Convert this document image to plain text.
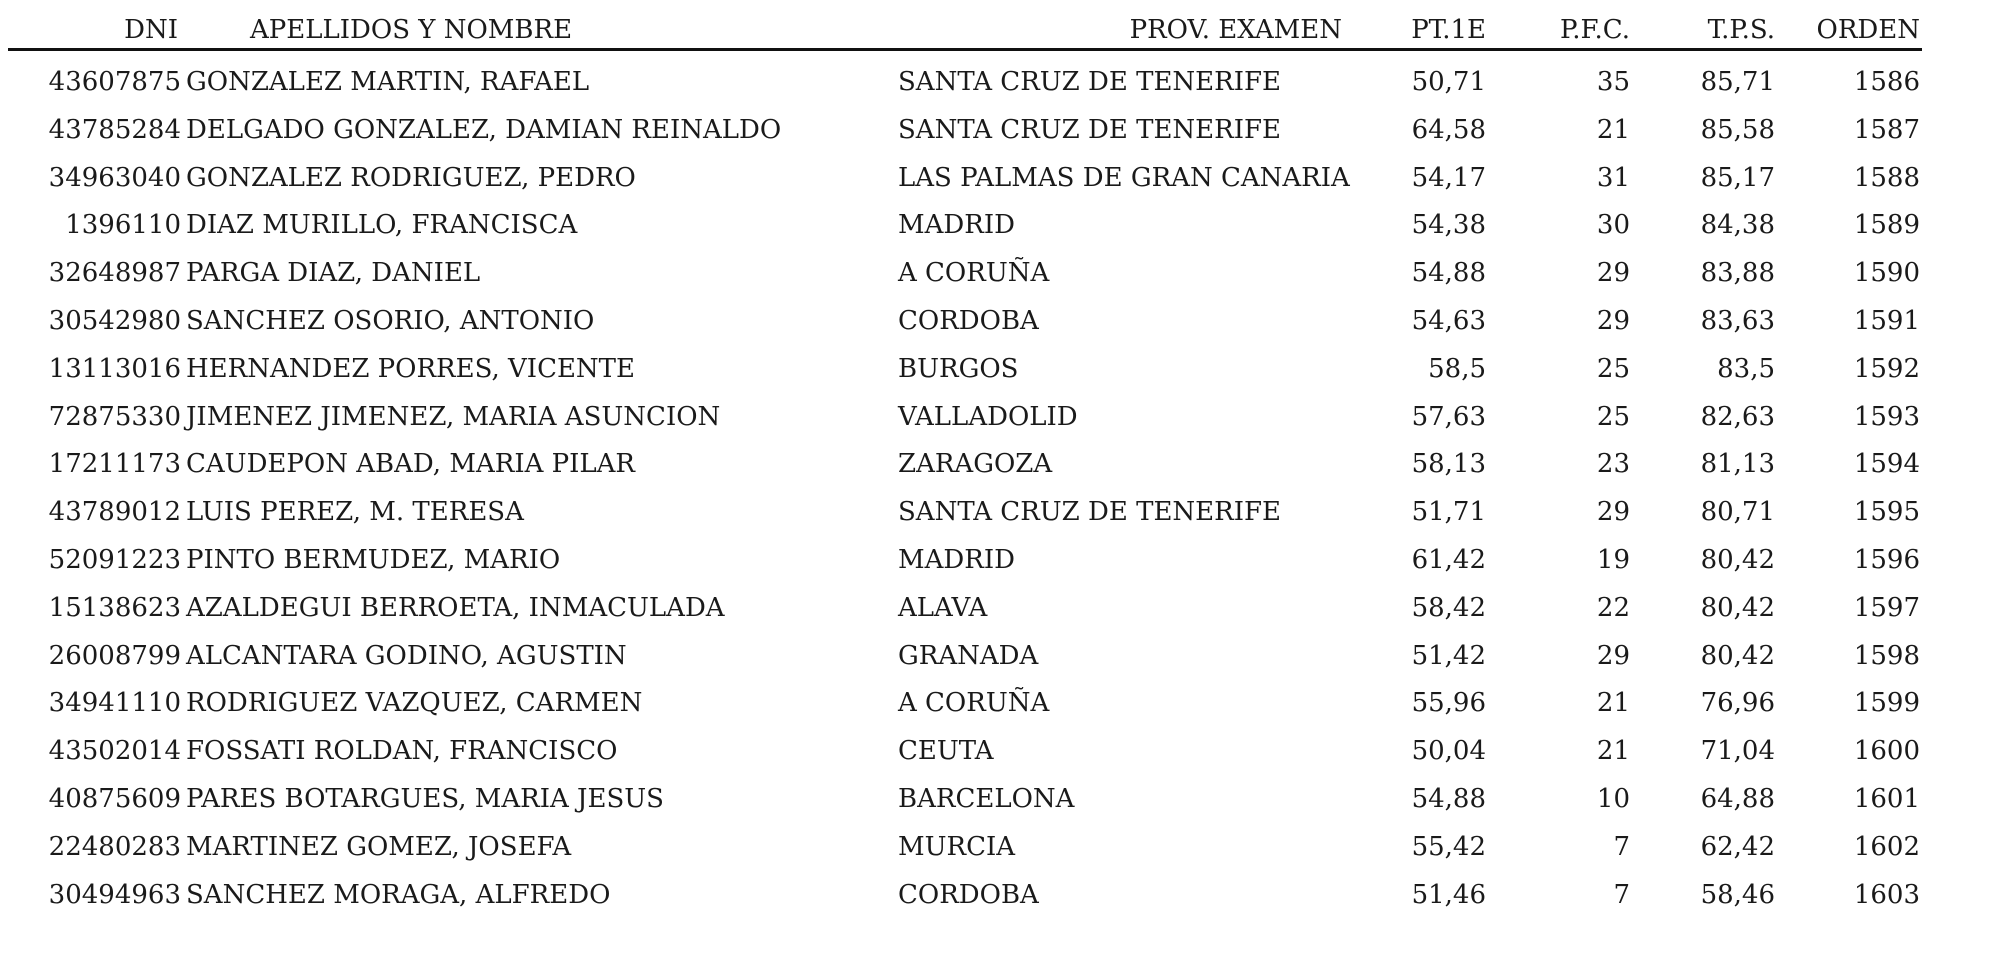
DNI	APELLIDOS Y NOMBRE	PROV. EXAMEN	PT.1E	P.F.C.	T.P.S.	ORDEN
43607875 GONZALEZ MARTIN, RAFAEL	SANTA CRUZ DE TENERIFE	50,71	35	85,71	1586
43785284 DELGADO GONZALEZ, DAMIAN REINALDO	SANTA CRUZ DE TENERIFE	64,58	21	85,58	1587
34963040 GONZALEZ RODRIGUEZ, PEDRO	LAS PALMAS DE GRAN CANARIA	54,17	31	85,17	1588
1396110 DIAZ MURILLO, FRANCISCA	MADRID	54,38	30	84,38	1589
32648987 PARGA DIAZ, DANIEL	A CORUÑA	54,88	29	83,88	1590
30542980 SANCHEZ OSORIO, ANTONIO	CORDOBA	54,63	29	83,63	1591
13113016 HERNANDEZ PORRES, VICENTE	BURGOS	58,5	25	83,5	1592
72875330 JIMENEZ JIMENEZ, MARIA ASUNCION	VALLADOLID	57,63	25	82,63	1593
17211173 CAUDEPON ABAD, MARIA PILAR	ZARAGOZA	58,13	23	81,13	1594
43789012 LUIS PEREZ, M. TERESA	SANTA CRUZ DE TENERIFE	51,71	29	80,71	1595
52091223 PINTO BERMUDEZ, MARIO	MADRID	61,42	19	80,42	1596
15138623 AZALDEGUI BERROETA, INMACULADA	ALAVA	58,42	22	80,42	1597
26008799 ALCANTARA GODINO, AGUSTIN	GRANADA	51,42	29	80,42	1598
34941110 RODRIGUEZ VAZQUEZ, CARMEN	A CORUÑA	55,96	21	76,96	1599
43502014 FOSSATI ROLDAN, FRANCISCO	CEUTA	50,04	21	71,04	1600
40875609 PARES BOTARGUES, MARIA JESUS	BARCELONA	54,88	10	64,88	1601
22480283 MARTINEZ GOMEZ, JOSEFA	MURCIA	55,42	7	62,42	1602
30494963 SANCHEZ MORAGA, ALFREDO	CORDOBA	51,46	7	58,46	1603
